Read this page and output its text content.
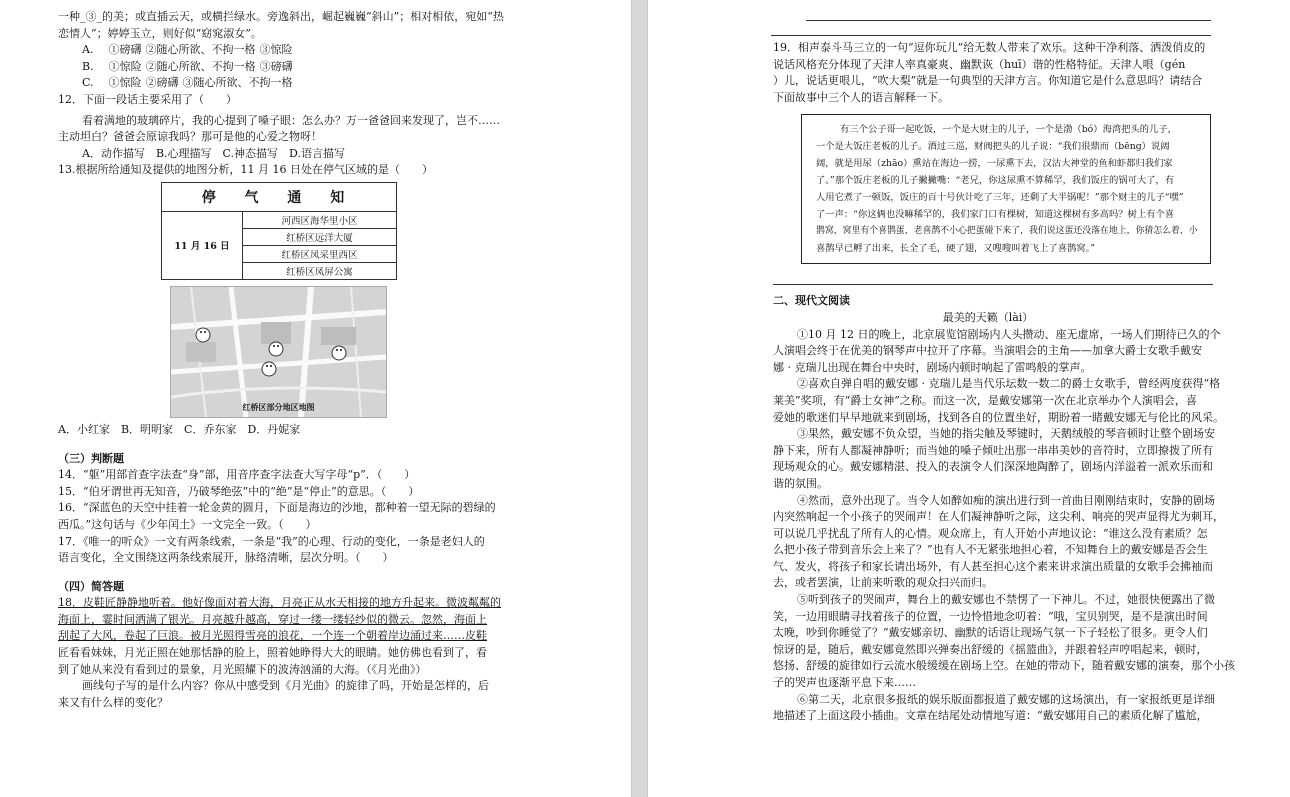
一种_③_的美；或直插云天，或横拦绿水。旁逸斜出，崛起巍巍“斜山”；相对相依，宛如“热
恋情人”；婷婷玉立，则好似“窈窕淑女”。
A.　 ①磅礴 ②随心所欲、不拘一格 ③惊险
B.　 ①惊险 ②随心所欲、不拘一格 ③磅礴
C.　 ①惊险 ②磅礴 ③随心所欲、不拘一格
12．下面一段话主要采用了（　　）
看着满地的玻璃碎片，我的心提到了嗓子眼：怎么办？万一爸爸回来发现了，岂不……
主动坦白？爸爸会原谅我吗？那可是他的心爱之物呀！
A．动作描写　B.心理描写　C.神态描写　D.语言描写
13.根据所给通知及提供的地图分析，11 月 16 日处在停气区域的是（　　）
停 气 通 知
11 月 16 日	河西区海华里小区
红桥区远洋大厦
红桥区凤采里西区
红桥区凤屏公寓
红桥区部分地区地图
A．小红家　B．明明家　C．乔东家　D．丹妮家
（三）判断题
14．“躯”用部首查字法查“身”部，用音序查字法查大写字母“p”．（　　）
15．“伯牙谓世再无知音，乃破琴绝弦”中的“绝”是“停止”的意思。（　　）
16．“深蓝色的天空中挂着一轮金黄的圆月，下面是海边的沙地，都种着一望无际的碧绿的
西瓜。”这句话与《少年闰土》一文完全一致。（　　）
17．《唯一的听众》一文有两条线索，一条是“我”的心理、行动的变化，一条是老妇人的
语言变化，全文围绕这两条线索展开，脉络清晰，层次分明。（　　）
（四）简答题
18．皮鞋匠静静地听着。他好像面对着大海，月亮正从水天相接的地方升起来。微波粼粼的
海面上，霎时间洒满了银光。月亮越升越高，穿过一缕一缕轻纱似的微云。忽然，海面上
刮起了大风，卷起了巨浪。被月光照得雪亮的浪花，一个连一个朝着岸边涌过来……皮鞋
匠看看妹妹，月光正照在她那恬静的脸上，照着她睁得大大的眼睛。她仿佛也看到了，看
到了她从来没有看到过的景象，月光照耀下的波涛汹涌的大海。（《月光曲》）
画线句子写的是什么内容？你从中感受到《月光曲》的旋律了吗，开始是怎样的，后
来又有什么样的变化？
19．相声泰斗马三立的一句“逗你玩儿”给无数人带来了欢乐。这种干净利落、洒泼俏皮的
说话风格充分体现了天津人率真豪爽、幽默诙（huī）谐的性格特征。天津人哏（gén
）儿，说话更哏儿，“吹大梨”就是一句典型的天津方言。你知道它是什么意思吗？请结合
下面故事中三个人的语言解释一下。
有三个公子哥一起吃饭，一个是大财主的儿子，一个是渤（bó）海湾把头的儿子，
一个是大饭庄老板的儿子。酒过三巡，财阀把头的儿子说：“我们很鼎而（bēng）说阔
阔，就是用尿（zhāo）熏站在海边一捞，一尿熏下去，汉沽大神堂的鱼和虾都归我们家
了。”那个饭庄老板的儿子撇撇嘴：“老兄，你这尿熏不算稀罕，我们饭庄的锅可大了，有
人用它煮了一顿饭，饭庄的百十号伙计吃了三年，还剩了大半锅呢！”那个财主的儿子“嘿”
了一声：“你这俩也没嘛稀罕的，我们家门口有棵树，知道这棵树有多高吗？树上有个喜
鹊窝，窝里有个喜鹊蛋，老喜鹊不小心把蛋碰下来了，我们说这蛋还没落在地上，你猜怎么着，小
喜鹊早已孵了出来，长全了毛，硬了翅，又嗖嗖叫着飞上了喜鹊窝。”
二、现代文阅读
最美的天籁（lài）
①10 月 12 日的晚上，北京展览馆剧场内人头攒动、座无虚席，一场人们期待已久的个
人演唱会终于在优美的钢琴声中拉开了序幕。当演唱会的主角——加拿大爵士女歌手戴安
娜 · 克瑞儿出现在舞台中央时，剧场内顿时响起了雷鸣般的掌声。
②喜欢自弹自唱的戴安娜 · 克瑞儿是当代乐坛数一数二的爵士女歌手，曾经两度获得“格
莱美”奖项，有“爵士女神”之称。而这一次，是戴安娜第一次在北京举办个人演唱会，喜
爱她的歌迷们早早地就来到剧场，找到各自的位置坐好，期盼着一睹戴安娜无与伦比的风采。
③果然，戴安娜不负众望，当她的指尖触及琴键时，天鹅绒般的琴音顿时让整个剧场安
静下来，所有人都凝神静听；而当她的嗓子倾吐出那一串串美妙的音符时，立即撩拨了所有
现场观众的心。戴安娜精湛、投入的表演令人们深深地陶醉了，剧场内洋溢着一派欢乐而和
谐的氛围。
④然而，意外出现了。当令人如醉如痴的演出进行到一首曲目刚刚结束时，安静的剧场
内突然响起一个小孩子的哭闹声！在人们凝神静听之际，这尖利、响亮的哭声显得尤为刺耳，
可以说几乎扰乱了所有人的心情。观众席上，有人开始小声地议论：“谁这么没有素质？怎
么把小孩子带到音乐会上来了？”也有人不无紧张地担心着，不知舞台上的戴安娜是否会生
气、发火，将孩子和家长请出场外，有人甚至担心这个素来讲求演出质量的女歌手会拂袖而
去，或者罢演，让前来听歌的观众扫兴而归。
⑤听到孩子的哭闹声，舞台上的戴安娜也不禁愣了一下神儿。不过，她很快便露出了微
笑，一边用眼睛寻找着孩子的位置，一边怜惜地念叨着：“哦，宝贝别哭，是不是演出时间
太晚，吵到你睡觉了？”戴安娜亲切、幽默的话语让现场气氛一下子轻松了很多。更令人们
惊讶的是，随后，戴安娜竟然即兴弹奏出舒缓的《摇篮曲》，并跟着轻声哼唱起来，顿时，
悠扬、舒缓的旋律如行云流水般缓缓在剧场上空。在她的带动下，随着戴安娜的演奏，那个小孩
子的哭声也逐渐平息下来……
⑥第二天，北京很多报纸的娱乐版面都报道了戴安娜的这场演出，有一家报纸更是详细
地描述了上面这段小插曲。文章在结尾处动情地写道：“戴安娜用自己的素质化解了尴尬，
